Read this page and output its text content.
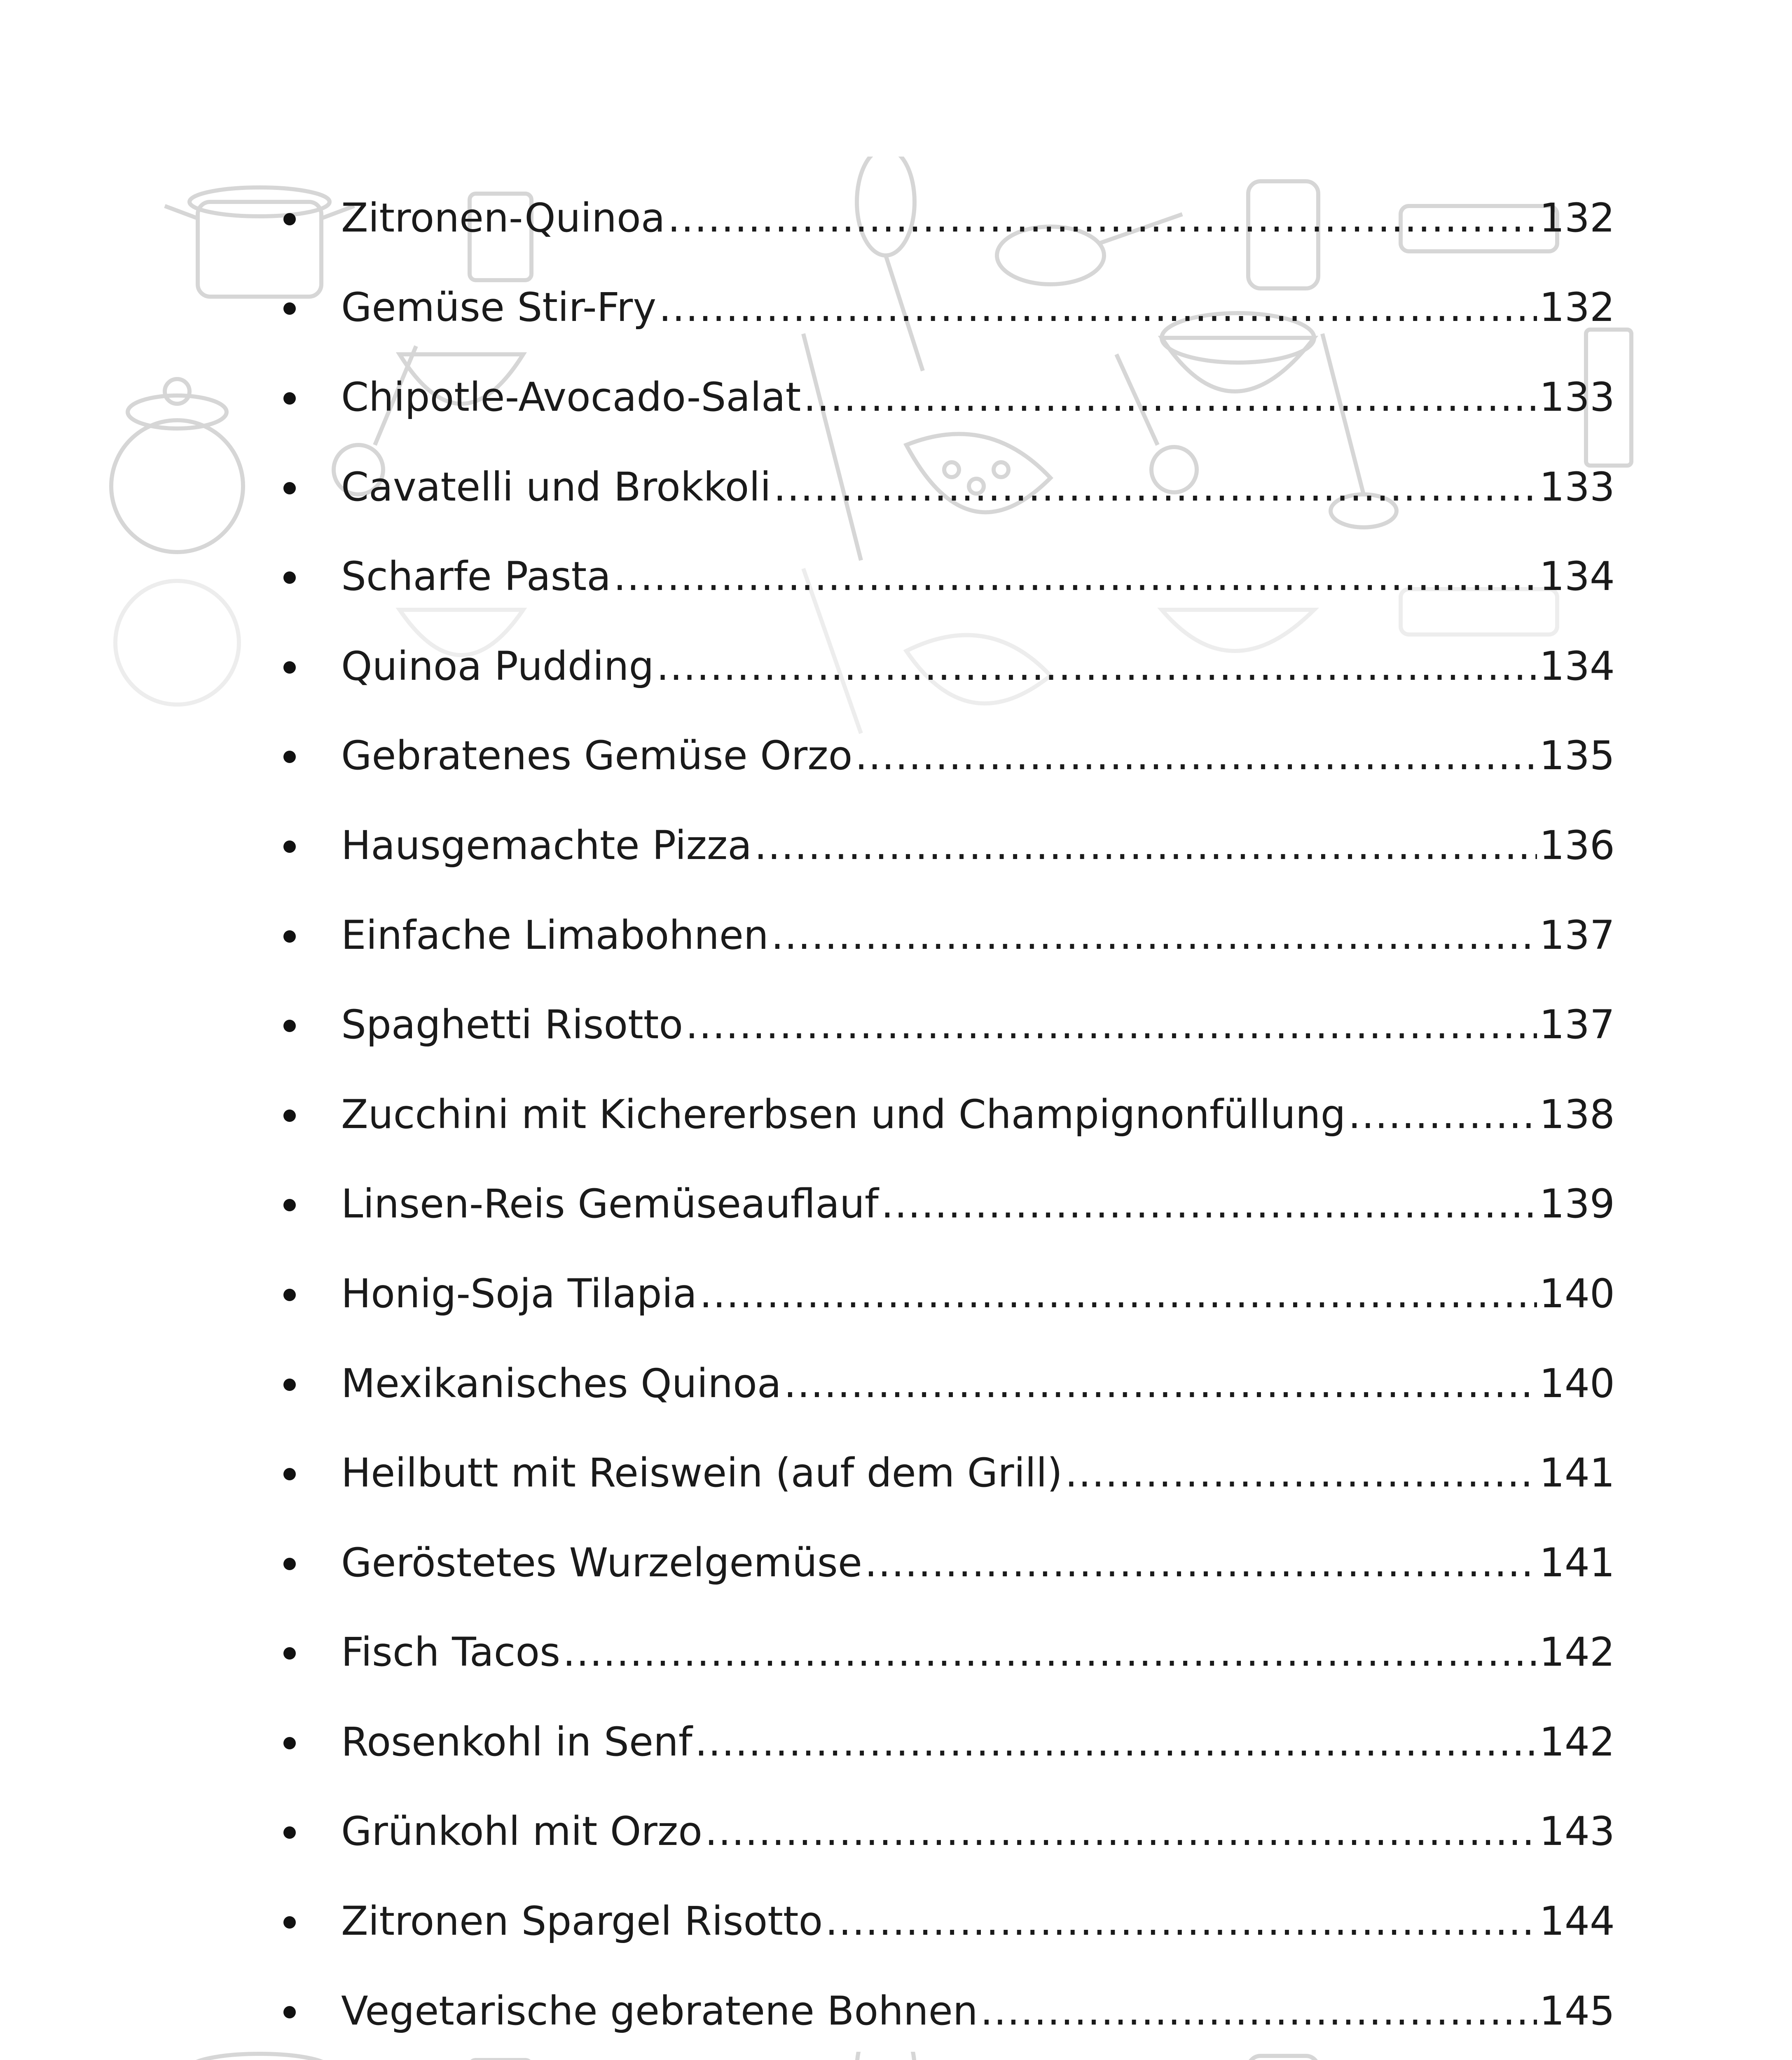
Zitronen-Quinoa .....	132
Gemüse Stir-Fry .....	132
Chipotle-Avocado-Salat .....	133
Cavatelli und Brokkoli .....	133
Scharfe Pasta .....	134
Quinoa Pudding .....	134
Gebratenes Gemüse Orzo .....	135
Hausgemachte Pizza .....	136
Einfache Limabohnen .....	137
Spaghetti Risotto .....	137
Zucchini mit Kichererbsen und Champignonfüllung .....	138
Linsen-Reis Gemüseauflauf .....	139
Honig-Soja Tilapia .....	140
Mexikanisches Quinoa .....	140
Heilbutt mit Reiswein (auf dem Grill) .....	141
Geröstetes Wurzelgemüse .....	141
Fisch Tacos .....	142
Rosenkohl in Senf .....	142
Grünkohl mit Orzo .....	143
Zitronen Spargel Risotto .....	144
Vegetarische gebratene Bohnen .....	145
